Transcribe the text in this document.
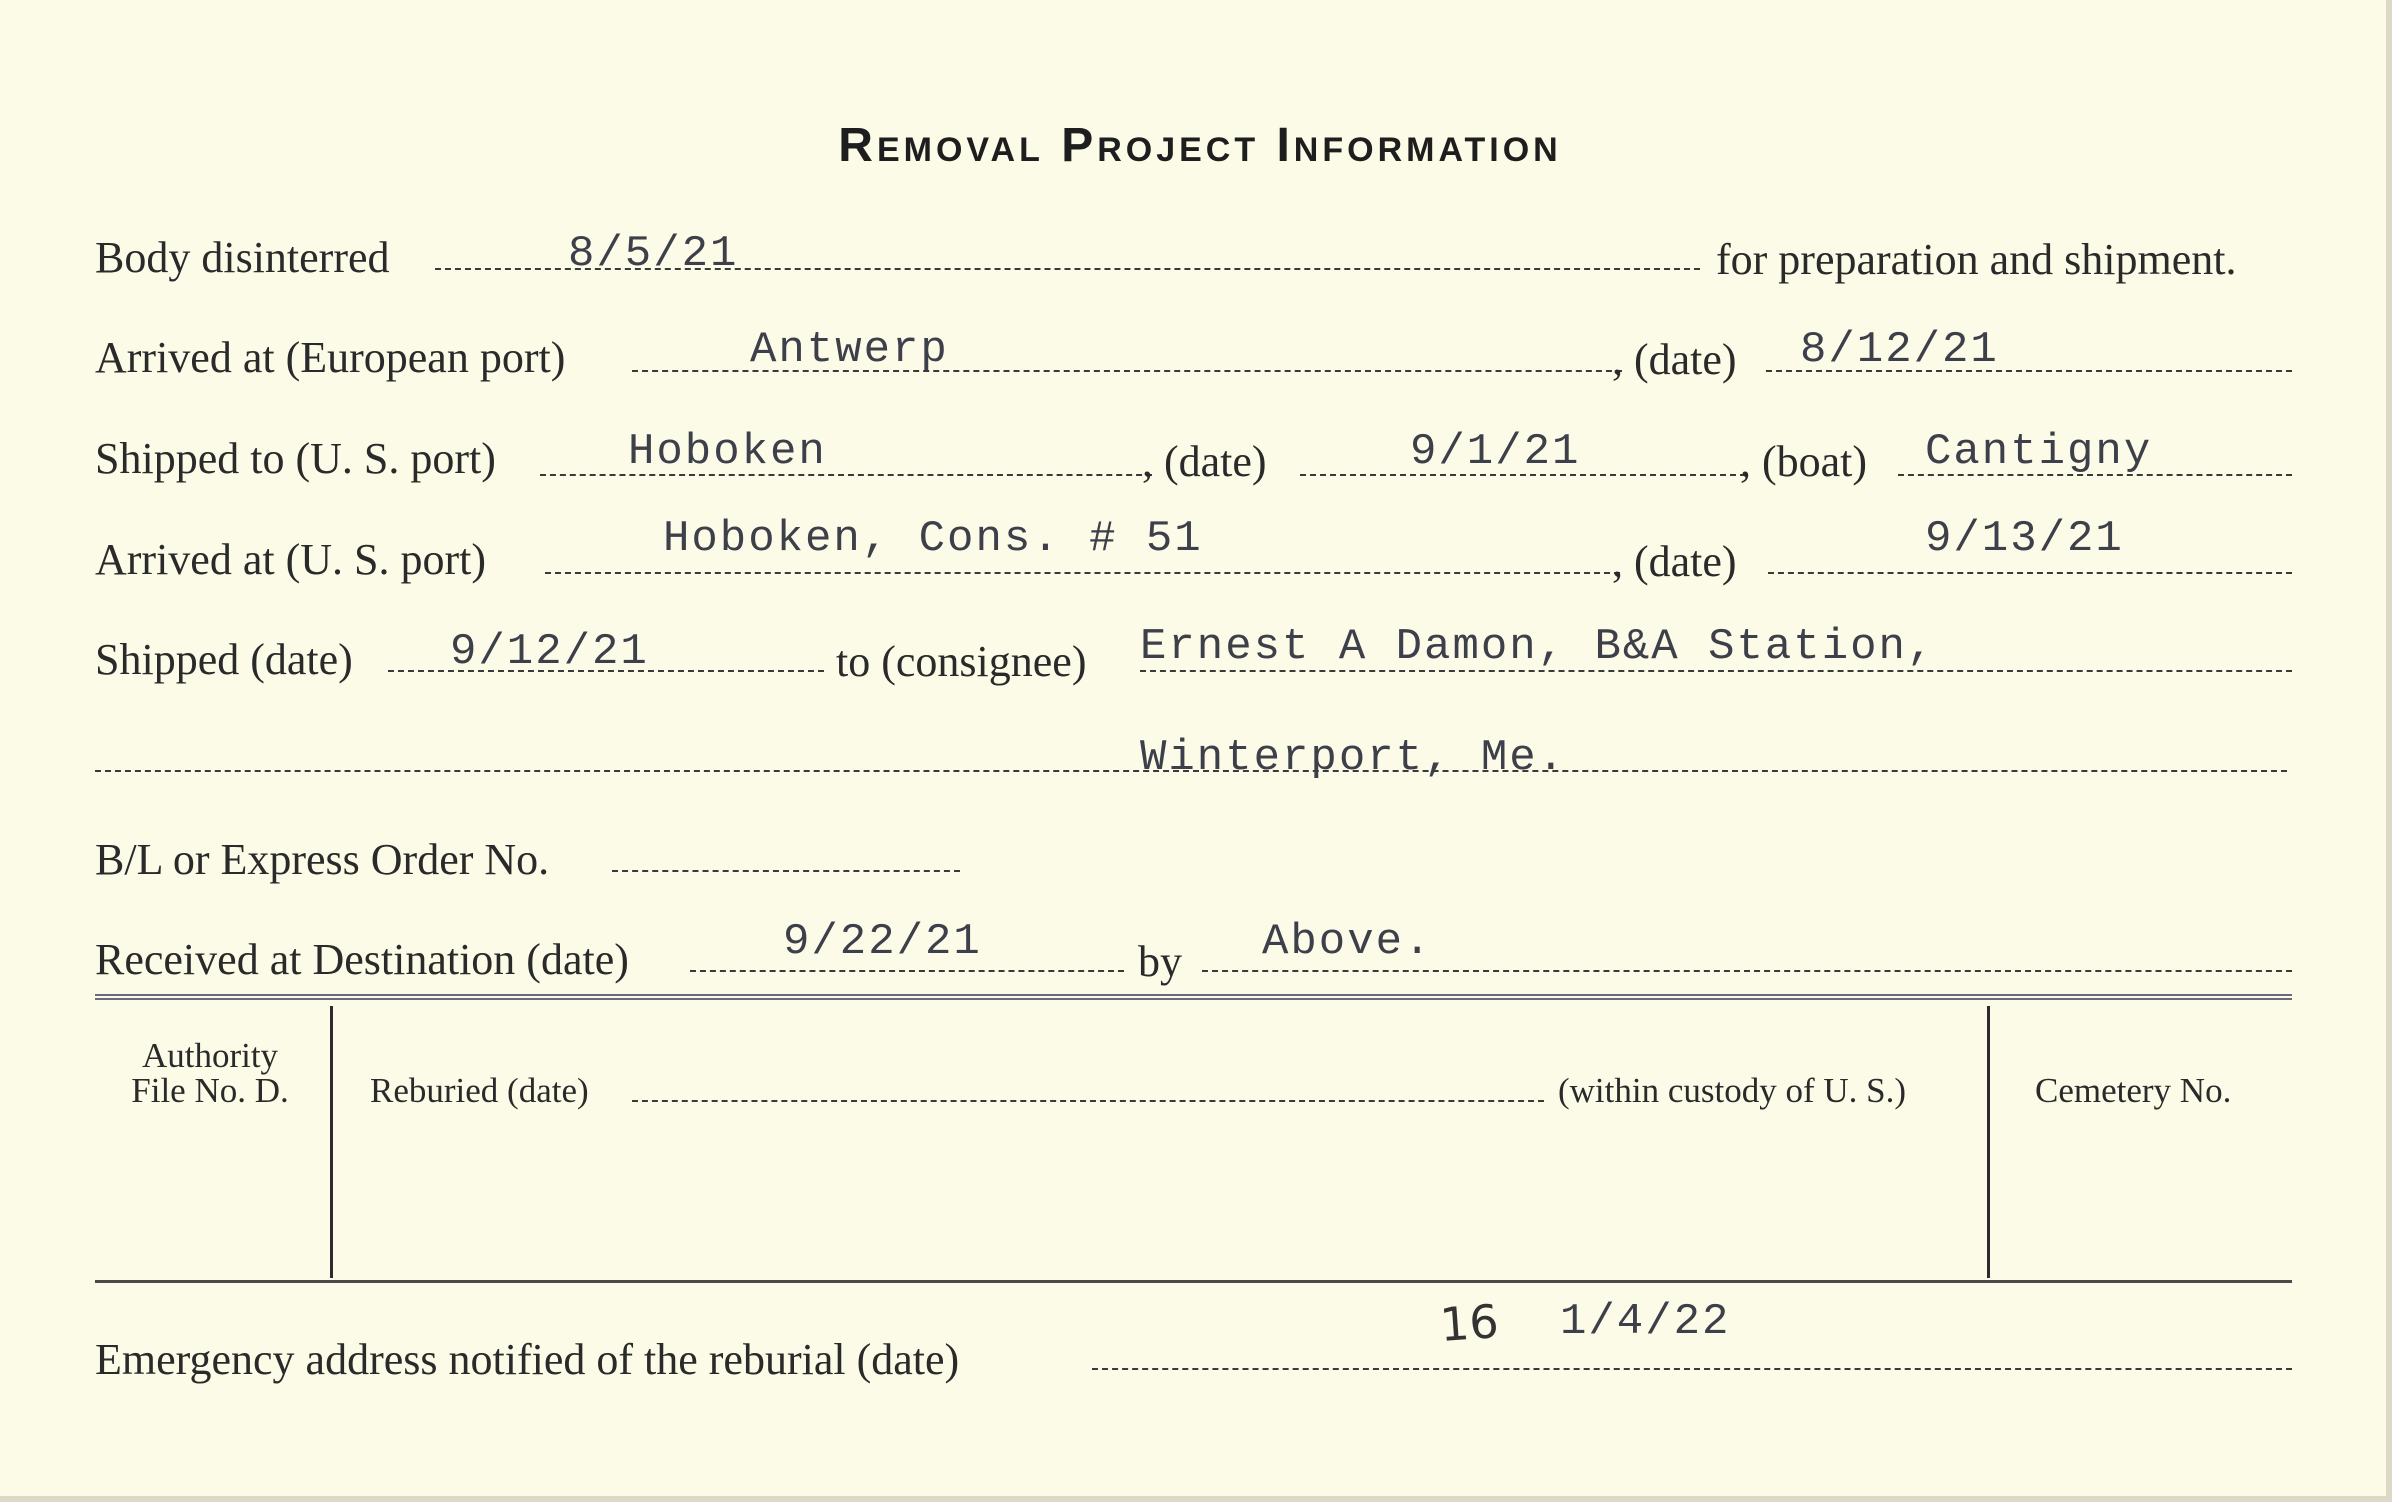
Removal Project Information
Body disinterred	8/5/21	for preparation and shipment.
Arrived at (European port)	Antwerp	, (date) 8/12/21
Shipped to (U. S. port)	Hoboken	, (date)	9/1/21	, (boat) Cantigny
Arrived at (U. S. port)	Hoboken, Cons. # 51	, (date)	9/13/21
Shipped (date) 9/12/21	to (consignee) Ernest A Damon, B&A Station,
Winterport, Me.
B/L or Express Order No.
Received at Destination (date)	9/22/21	by Above.
Authority
File No. D.	Reburied (date)	(within custody of U. S.)	Cemetery No.
Emergency address notified of the reburial (date)
16 1/4/22
